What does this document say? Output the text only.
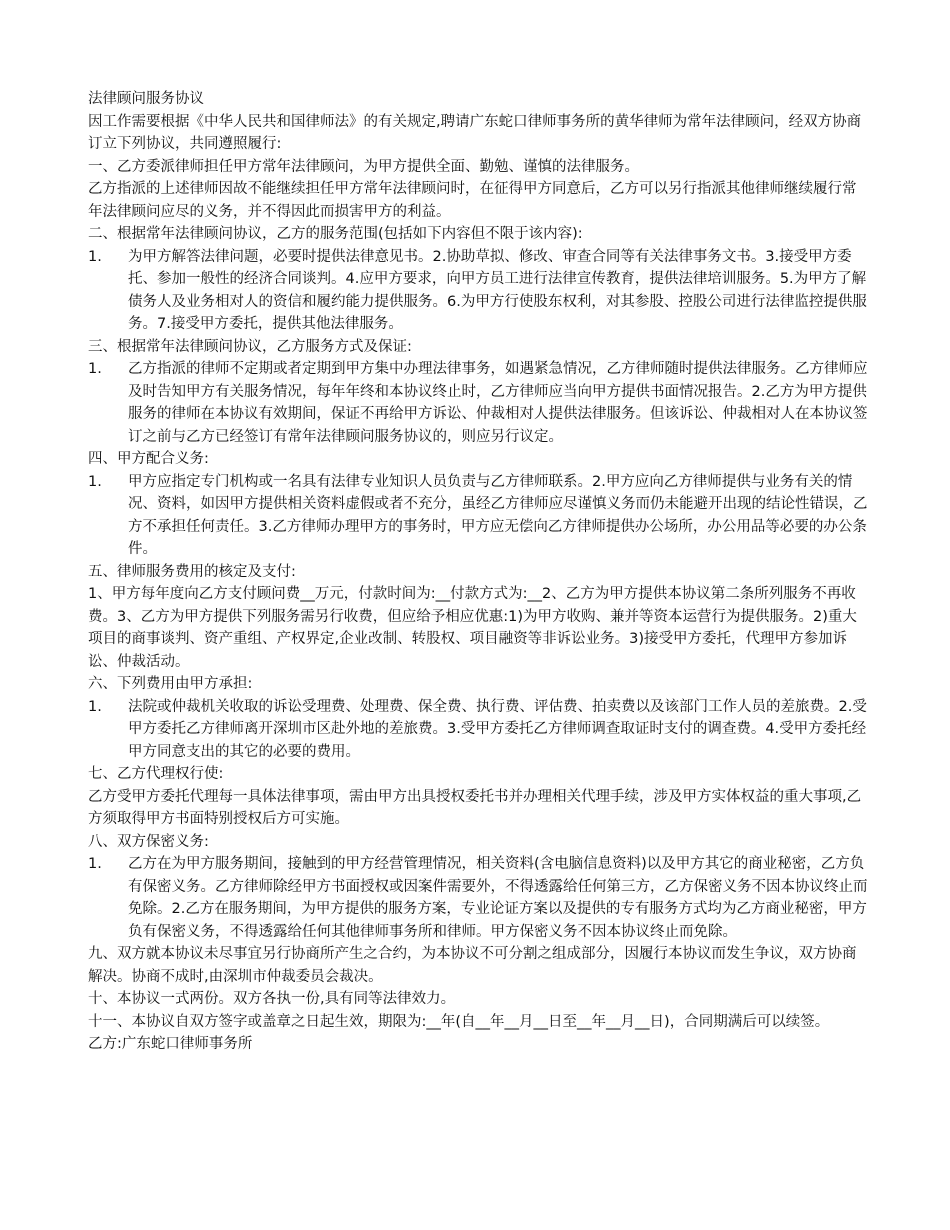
法律顾问服务协议

因工作需要根据《中华人民共和国律师法》的有关规定,聘请广东蛇口律师事务所的黄华律师为常年法律顾问，经双方协商订立下列协议，共同遵照履行:

一、乙方委派律师担任甲方常年法律顾问，为甲方提供全面、勤勉、谨慎的法律服务。

乙方指派的上述律师因故不能继续担任甲方常年法律顾问时，在征得甲方同意后，乙方可以另行指派其他律师继续履行常年法律顾问应尽的义务，并不得因此而损害甲方的利益。

二、根据常年法律顾问协议，乙方的服务范围(包括如下内容但不限于该内容):

1.	为甲方解答法律问题，必要时提供法律意见书。2.协助草拟、修改、审查合同等有关法律事务文书。3.接受甲方委托、参加一般性的经济合同谈判。4.应甲方要求，向甲方员工进行法律宣传教育，提供法律培训服务。5.为甲方了解债务人及业务相对人的资信和履约能力提供服务。6.为甲方行使股东权利，对其参股、控股公司进行法律监控提供服务。7.接受甲方委托，提供其他法律服务。

三、根据常年法律顾问协议，乙方服务方式及保证:

1.	乙方指派的律师不定期或者定期到甲方集中办理法律事务，如遇紧急情况，乙方律师随时提供法律服务。乙方律师应及时告知甲方有关服务情况，每年年终和本协议终止时，乙方律师应当向甲方提供书面情况报告。2.乙方为甲方提供服务的律师在本协议有效期间，保证不再给甲方诉讼、仲裁相对人提供法律服务。但该诉讼、仲裁相对人在本协议签订之前与乙方已经签订有常年法律顾问服务协议的，则应另行议定。

四、甲方配合义务:

1.	甲方应指定专门机构或一名具有法律专业知识人员负责与乙方律师联系。2.甲方应向乙方律师提供与业务有关的情况、资料，如因甲方提供相关资料虚假或者不充分，虽经乙方律师应尽谨慎义务而仍未能避开出现的结论性错误，乙方不承担任何责任。3.乙方律师办理甲方的事务时，甲方应无偿向乙方律师提供办公场所，办公用品等必要的办公条件。

五、律师服务费用的核定及支付:

1、甲方每年度向乙方支付顾问费__万元，付款时间为:__付款方式为:__2、乙方为甲方提供本协议第二条所列服务不再收费。3、乙方为甲方提供下列服务需另行收费，但应给予相应优惠:1)为甲方收购、兼并等资本运营行为提供服务。2)重大项目的商事谈判、资产重组、产权界定,企业改制、转股权、项目融资等非诉讼业务。3)接受甲方委托，代理甲方参加诉讼、仲裁活动。

六、下列费用由甲方承担:

1.	法院或仲裁机关收取的诉讼受理费、处理费、保全费、执行费、评估费、拍卖费以及该部门工作人员的差旅费。2.受甲方委托乙方律师离开深圳市区赴外地的差旅费。3.受甲方委托乙方律师调查取证时支付的调查费。4.受甲方委托经甲方同意支出的其它的必要的费用。

七、乙方代理权行使:

乙方受甲方委托代理每一具体法律事项，需由甲方出具授权委托书并办理相关代理手续，涉及甲方实体权益的重大事项,乙方须取得甲方书面特别授权后方可实施。

八、双方保密义务:

1.	乙方在为甲方服务期间，接触到的甲方经营管理情况，相关资料(含电脑信息资料)以及甲方其它的商业秘密，乙方负有保密义务。乙方律师除经甲方书面授权或因案件需要外，不得透露给任何第三方，乙方保密义务不因本协议终止而免除。2.乙方在服务期间，为甲方提供的服务方案，专业论证方案以及提供的专有服务方式均为乙方商业秘密，甲方负有保密义务，不得透露给任何其他律师事务所和律师。甲方保密义务不因本协议终止而免除。

九、双方就本协议未尽事宜另行协商所产生之合约，为本协议不可分割之组成部分，因履行本协议而发生争议，双方协商解决。协商不成时,由深圳市仲裁委员会裁决。

十、本协议一式两份。双方各执一份,具有同等法律效力。

十一、本协议自双方签字或盖章之日起生效，期限为:__年(自__年__月__日至__年__月__日)，合同期满后可以续签。

乙方:广东蛇口律师事务所
